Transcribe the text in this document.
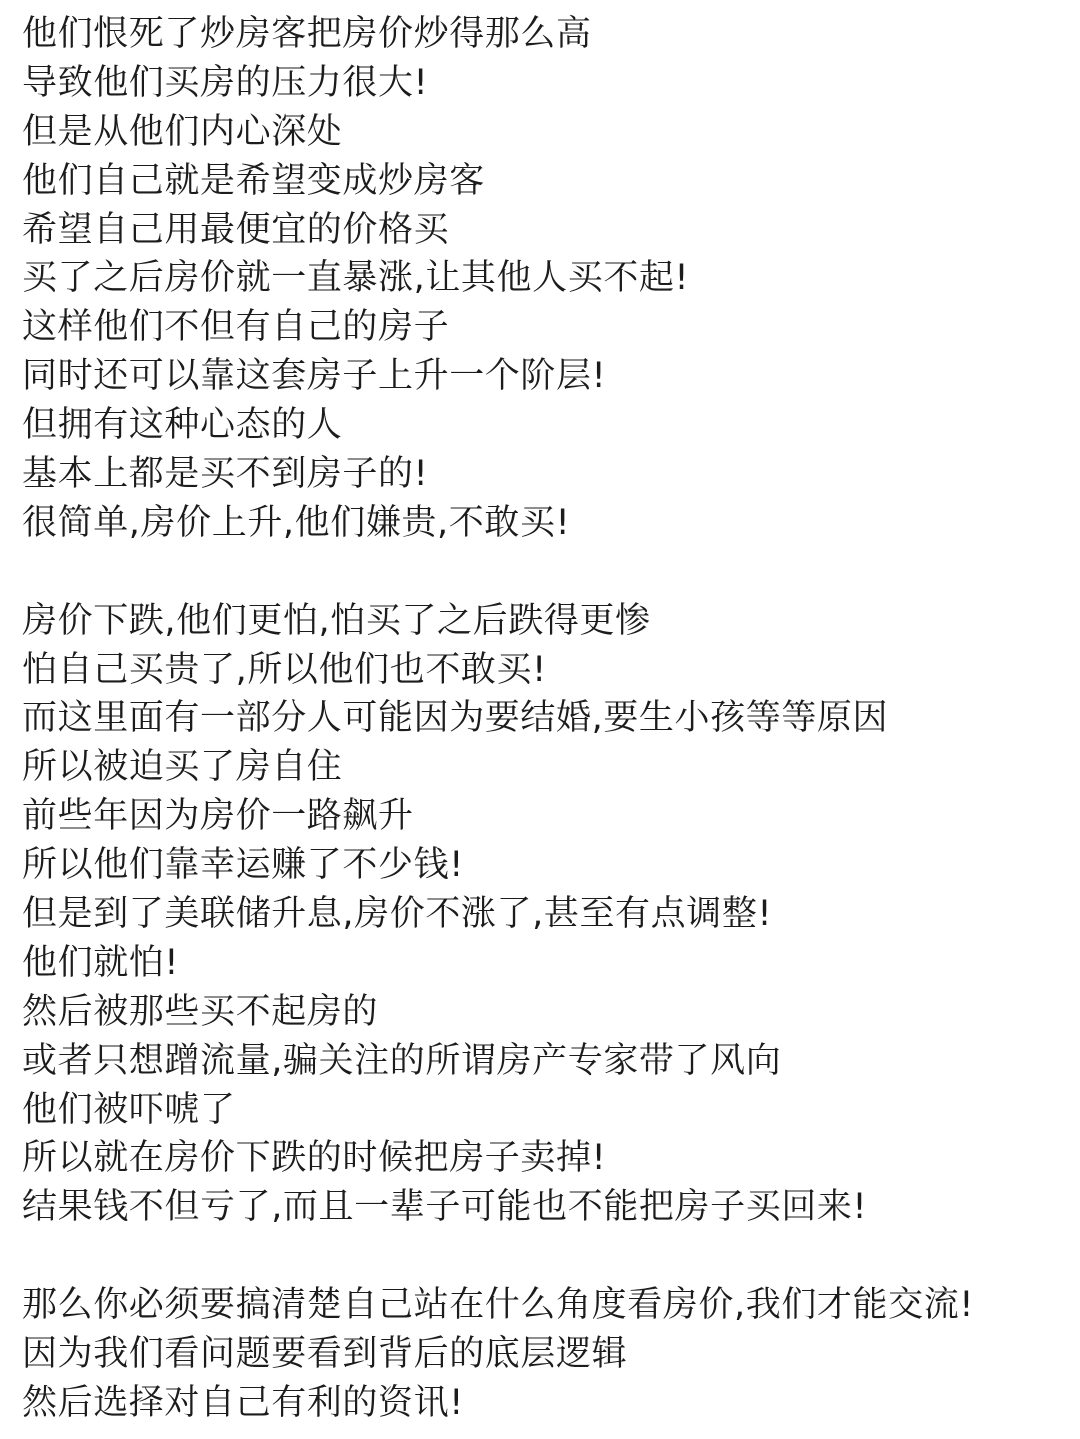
他们恨死了炒房客把房价炒得那么高
导致他们买房的压力很大!
但是从他们内心深处
他们自己就是希望变成炒房客
希望自己用最便宜的价格买
买了之后房价就一直暴涨,让其他人买不起!
这样他们不但有自己的房子
同时还可以靠这套房子上升一个阶层!
但拥有这种心态的人
基本上都是买不到房子的!
很简单,房价上升,他们嫌贵,不敢买!
房价下跌,他们更怕,怕买了之后跌得更惨
怕自己买贵了,所以他们也不敢买!
而这里面有一部分人可能因为要结婚,要生小孩等等原因
所以被迫买了房自住
前些年因为房价一路飙升
所以他们靠幸运赚了不少钱!
但是到了美联储升息,房价不涨了,甚至有点调整!
他们就怕!
然后被那些买不起房的
或者只想蹭流量,骗关注的所谓房产专家带了风向
他们被吓唬了
所以就在房价下跌的时候把房子卖掉!
结果钱不但亏了,而且一辈子可能也不能把房子买回来!
那么你必须要搞清楚自己站在什么角度看房价,我们才能交流!
因为我们看问题要看到背后的底层逻辑
然后选择对自己有利的资讯!
